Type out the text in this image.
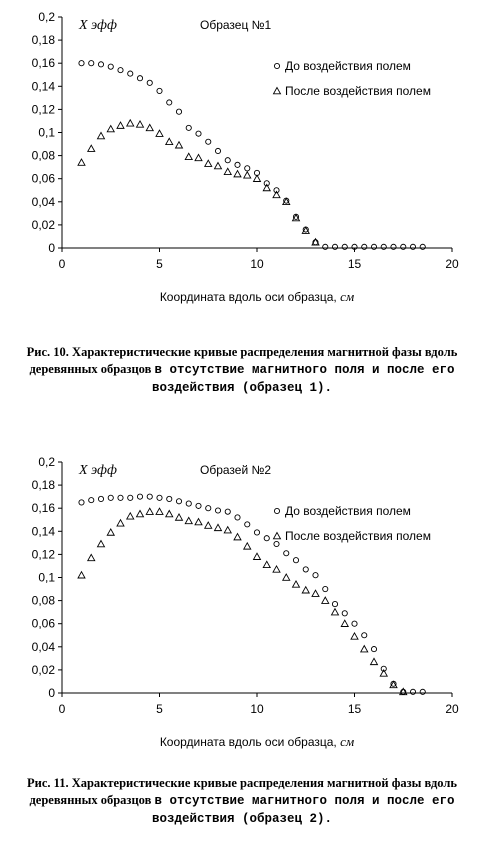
0
0,02
0,04
0,06
0,08
0,1
0,12
0,14
0,16
0,18
0,2
0	5	10	15	20
X эфф	Образец №1
Координата вдоль оси образца, см
До воздействия полем
После воздействия полем
Рис. 10. Характеристические кривые распределения магнитной фазы вдоль деревянных образцов в отсутствие магнитного поля и после его воздействия (образец 1).
0
0,02
0,04
0,06
0,08
0,1
0,12
0,14
0,16
0,18
0,2
0	5	10	15	20
X эфф	Образей №2
Координата вдоль оси образца, см
До воздействия полем
После воздействия полем
Рис. 11. Характеристические кривые распределения магнитной фазы вдоль деревянных образцов в отсутствие магнитного поля и после его воздействия (образец 2).
